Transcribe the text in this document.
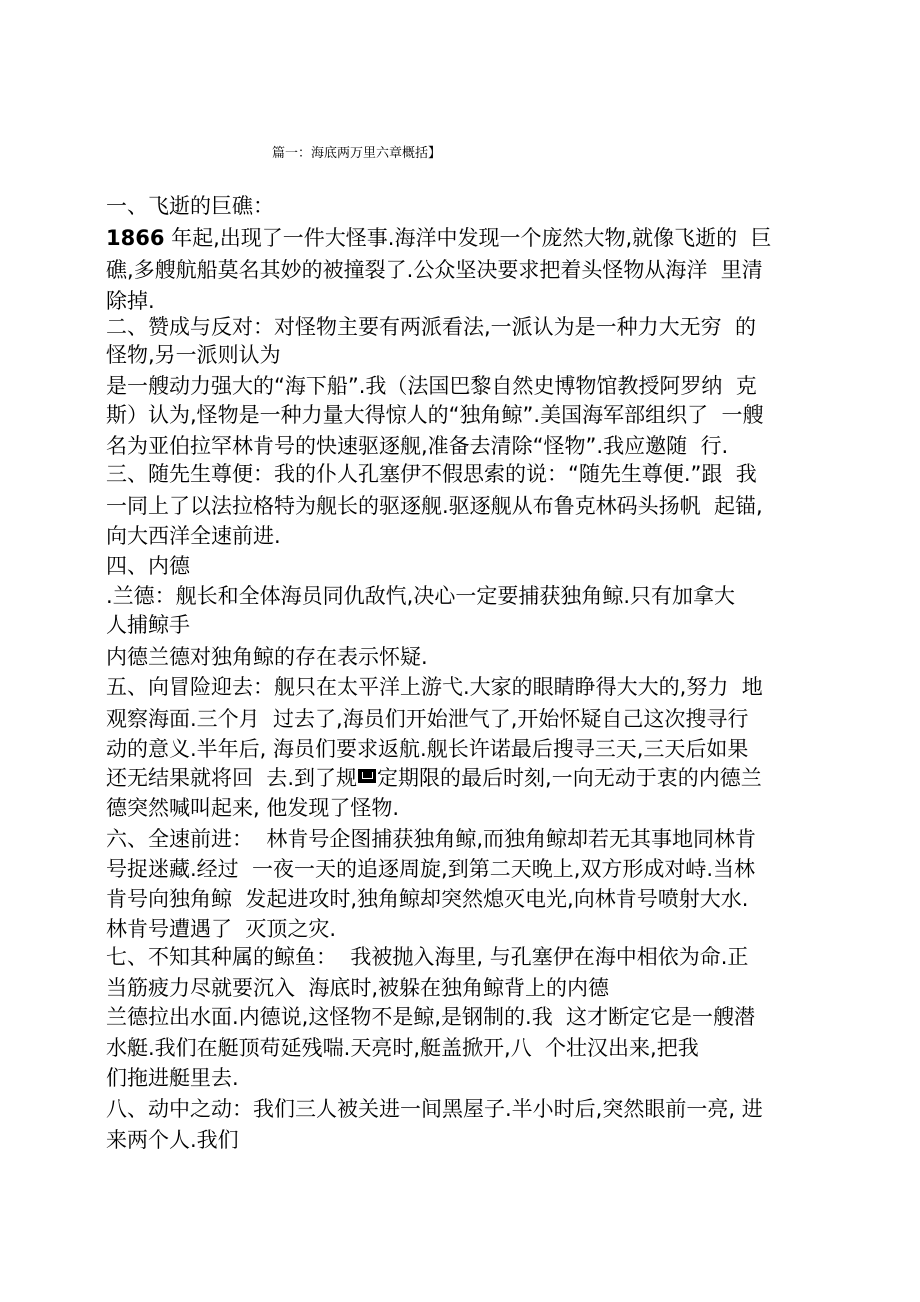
篇一：海底两万里六章概括】
一、飞逝的巨礁：
1866 年起,出现了一件大怪事.海洋中发现一个庞然大物,就像飞逝的  巨
礁,多艘航船莫名其妙的被撞裂了.公众坚决要求把着头怪物从海洋  里清
除掉.
二、赞成与反对：对怪物主要有两派看法,一派认为是一种力大无穷  的
怪物,另一派则认为
是一艘动力强大的“海下船”.我（法国巴黎自然史博物馆教授阿罗纳  克
斯）认为,怪物是一种力量大得惊人的“独角鲸”.美国海军部组织了  一艘
名为亚伯拉罕林肯号的快速驱逐舰,准备去清除“怪物”.我应邀随  行.
三、随先生尊便：我的仆人孔塞伊不假思索的说：“随先生尊便.”跟  我
一同上了以法拉格特为舰长的驱逐舰.驱逐舰从布鲁克林码头扬帆  起锚,
向大西洋全速前进.
四、内德
.兰德：舰长和全体海员同仇敌忾,决心一定要捕获独角鲸.只有加拿大
人捕鲸手
内德兰德对独角鲸的存在表示怀疑.
五、向冒险迎去：舰只在太平洋上游弋.大家的眼睛睁得大大的,努力  地
观察海面.三个月  过去了,海员们开始泄气了,开始怀疑自己这次搜寻行
动的意义.半年后, 海员们要求返航.舰长许诺最后搜寻三天,三天后如果
还无结果就将回  去.到了规 定期限的最后时刻,一向无动于衷的内德兰
德突然喊叫起来, 他发现了怪物.
六、全速前进：  林肯号企图捕获独角鲸,而独角鲸却若无其事地同林肯
号捉迷藏.经过  一夜一天的追逐周旋,到第二天晚上,双方形成对峙.当林
肯号向独角鲸  发起进攻时,独角鲸却突然熄灭电光,向林肯号喷射大水.
林肯号遭遇了  灭顶之灾.
七、不知其种属的鲸鱼：  我被抛入海里, 与孔塞伊在海中相依为命.正
当筋疲力尽就要沉入  海底时,被躲在独角鲸背上的内德
兰德拉出水面.内德说,这怪物不是鲸,是钢制的.我  这才断定它是一艘潜
水艇.我们在艇顶苟延残喘.天亮时,艇盖掀开,八  个壮汉出来,把我
们拖进艇里去.
八、动中之动：我们三人被关进一间黑屋子.半小时后,突然眼前一亮, 进
来两个人.我们
